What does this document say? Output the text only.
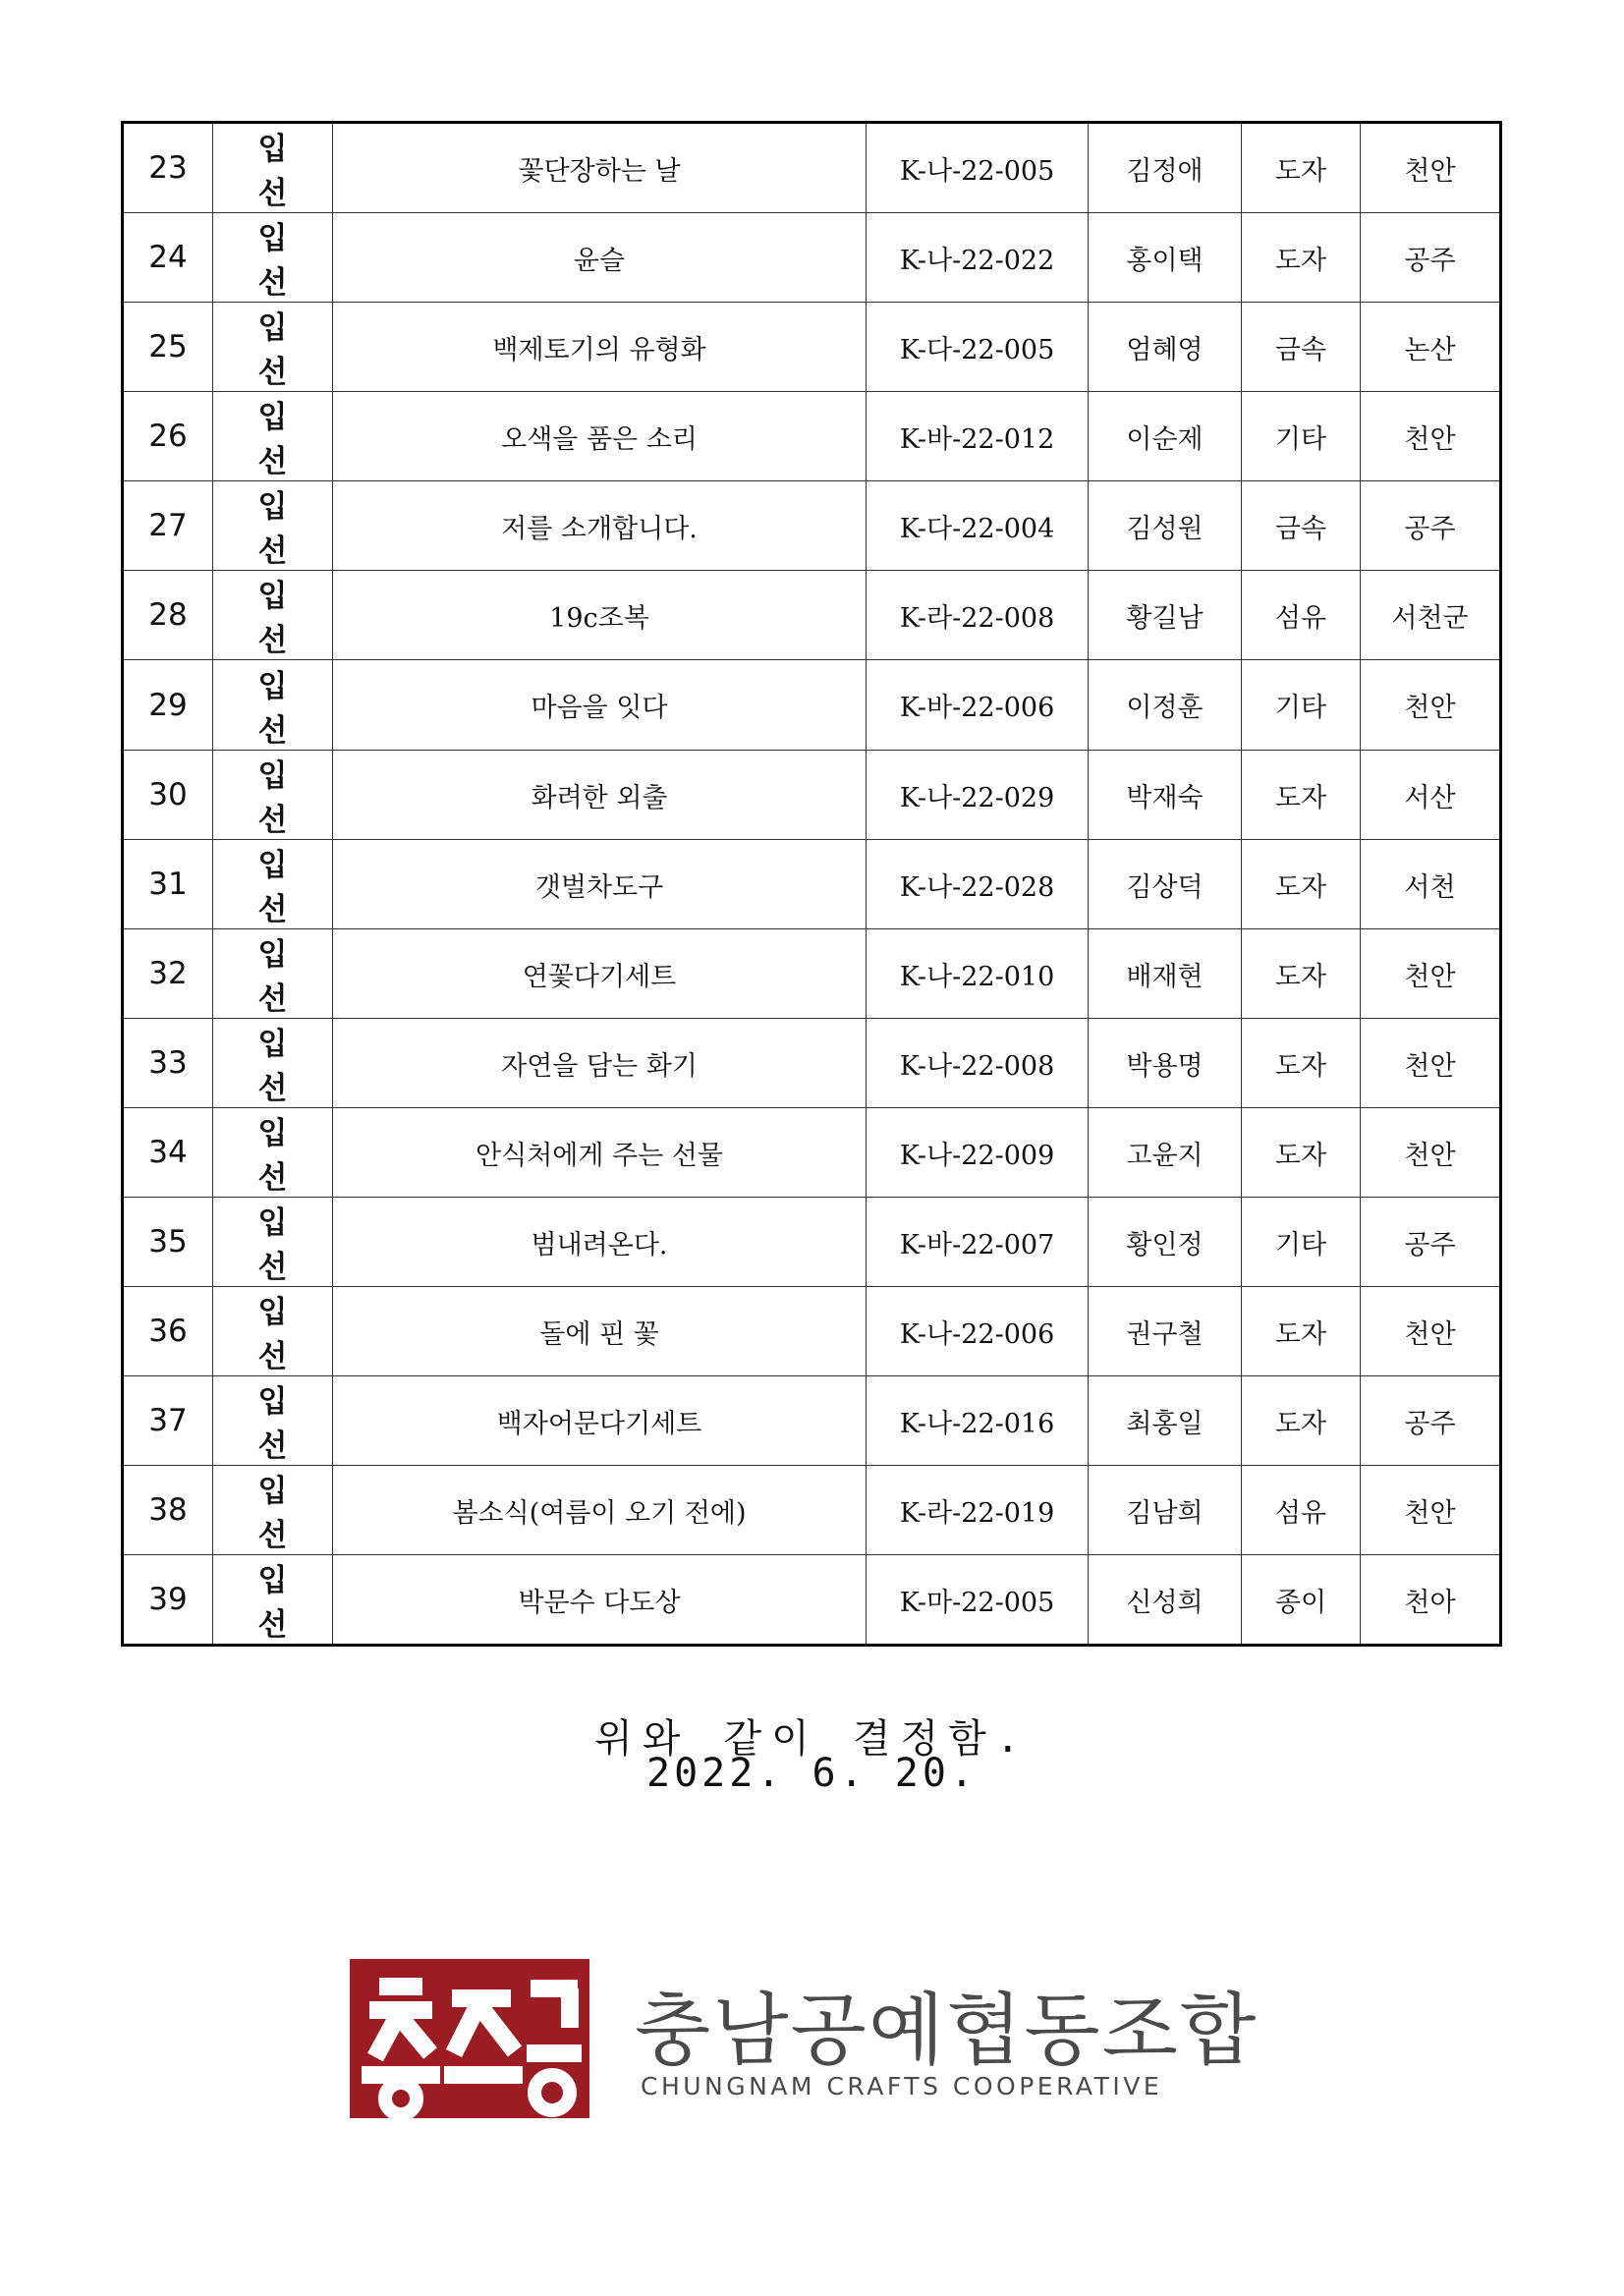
23	입선	꽃단장하는 날	K-나-22-005	김정애	도자	천안
24	입선	윤슬	K-나-22-022	홍이택	도자	공주
25	입선	백제토기의 유형화	K-다-22-005	엄혜영	금속	논산
26	입선	오색을 품은 소리	K-바-22-012	이순제	기타	천안
27	입선	저를 소개합니다.	K-다-22-004	김성원	금속	공주
28	입선	19c조복	K-라-22-008	황길남	섬유	서천군
29	입선	마음을 잇다	K-바-22-006	이정훈	기타	천안
30	입선	화려한 외출	K-나-22-029	박재숙	도자	서산
31	입선	갯벌차도구	K-나-22-028	김상덕	도자	서천
32	입선	연꽃다기세트	K-나-22-010	배재현	도자	천안
33	입선	자연을 담는 화기	K-나-22-008	박용명	도자	천안
34	입선	안식처에게 주는 선물	K-나-22-009	고윤지	도자	천안
35	입선	범내려온다.	K-바-22-007	황인정	기타	공주
36	입선	돌에 핀 꽃	K-나-22-006	권구철	도자	천안
37	입선	백자어문다기세트	K-나-22-016	최홍일	도자	공주
38	입선	봄소식(여름이 오기 전에)	K-라-22-019	김남희	섬유	천안
39	입선	박문수 다도상	K-마-22-005	신성희	종이	천아
위와 같이 결정함.
2022. 6. 20.
충남공예협동조합
CHUNGNAM CRAFTS COOPERATIVE
